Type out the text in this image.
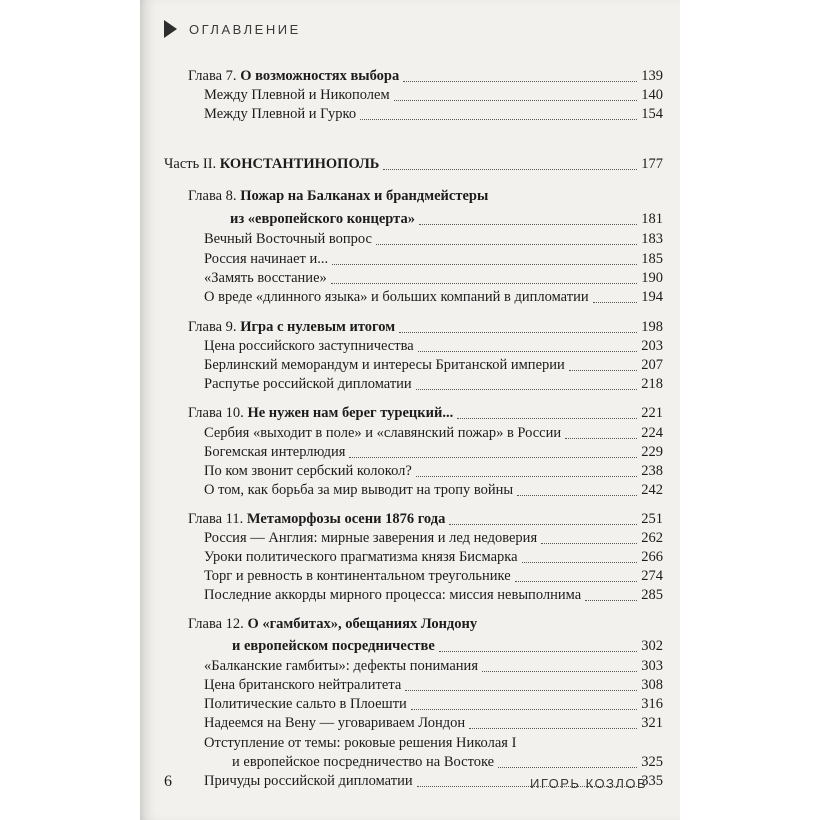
ОГЛАВЛЕНИЕ
Глава 7. О возможностях выбора	139
Между Плевной и Никополем	140
Между Плевной и Гурко	154
Часть II. КОНСТАНТИНОПОЛЬ	177
Глава 8. Пожар на Балканах и брандмейстеры
из «европейского концерта»	181
Вечный Восточный вопрос	183
Россия начинает и...	185
«Замять восстание»	190
О вреде «длинного языка» и больших компаний в дипломатии	194
Глава 9. Игра с нулевым итогом	198
Цена российского заступничества	203
Берлинский меморандум и интересы Британской империи	207
Распутье российской дипломатии	218
Глава 10. Не нужен нам берег турецкий...	221
Сербия «выходит в поле» и «славянский пожар» в России	224
Богемская интерлюдия	229
По ком звонит сербский колокол?	238
О том, как борьба за мир выводит на тропу войны	242
Глава 11. Метаморфозы осени 1876 года	251
Россия — Англия: мирные заверения и лед недоверия	262
Уроки политического прагматизма князя Бисмарка	266
Торг и ревность в континентальном треугольнике	274
Последние аккорды мирного процесса: миссия невыполнима	285
Глава 12. О «гамбитах», обещаниях Лондону
и европейском посредничестве	302
«Балканские гамбиты»: дефекты понимания	303
Цена британского нейтралитета	308
Политические сальто в Плоешти	316
Надеемся на Вену — уговариваем Лондон	321
Отступление от темы: роковые решения Николая I
и европейское посредничество на Востоке	325
Причуды российской дипломатии	335
6	ИГОРЬ КОЗЛОВ
